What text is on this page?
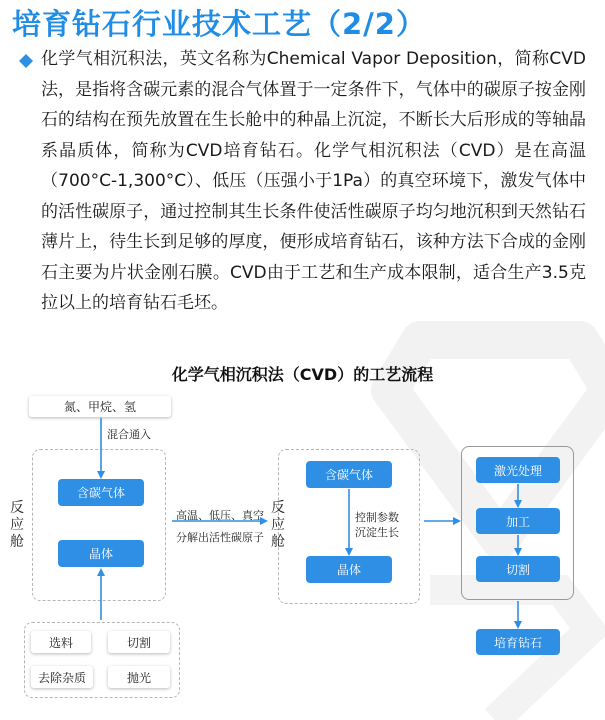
培育钻石行业技术工艺（2/2）

化学气相沉积法，英文名称为Chemical Vapor Deposition，简称CVD法，是指将含碳元素的混合气体置于一定条件下，气体中的碳原子按金刚石的结构在预先放置在生长舱中的种晶上沉淀，不断长大后形成的等轴晶系晶质体，简称为CVD培育钻石。化学气相沉积法（CVD）是在高温（700°C-1,300°C）、低压（压强小于1Pa）的真空环境下，激发气体中的活性碳原子，通过控制其生长条件使活性碳原子均匀地沉积到天然钻石薄片上，待生长到足够的厚度，便形成培育钻石，该种方法下合成的金刚石主要为片状金刚石膜。CVD由于工艺和生产成本限制，适合生产3.5克拉以上的培育钻石毛坯。

化学气相沉积法（CVD）的工艺流程
氮、甲烷、氢
混合通入
含碳气体
晶体
反应舱
高温、低压、真空
分解出活性碳原子
反应舱
含碳气体
晶体
控制参数
沉淀生长
激光处理
加工
切割
培育钻石
选料	切割
去除杂质	抛光
